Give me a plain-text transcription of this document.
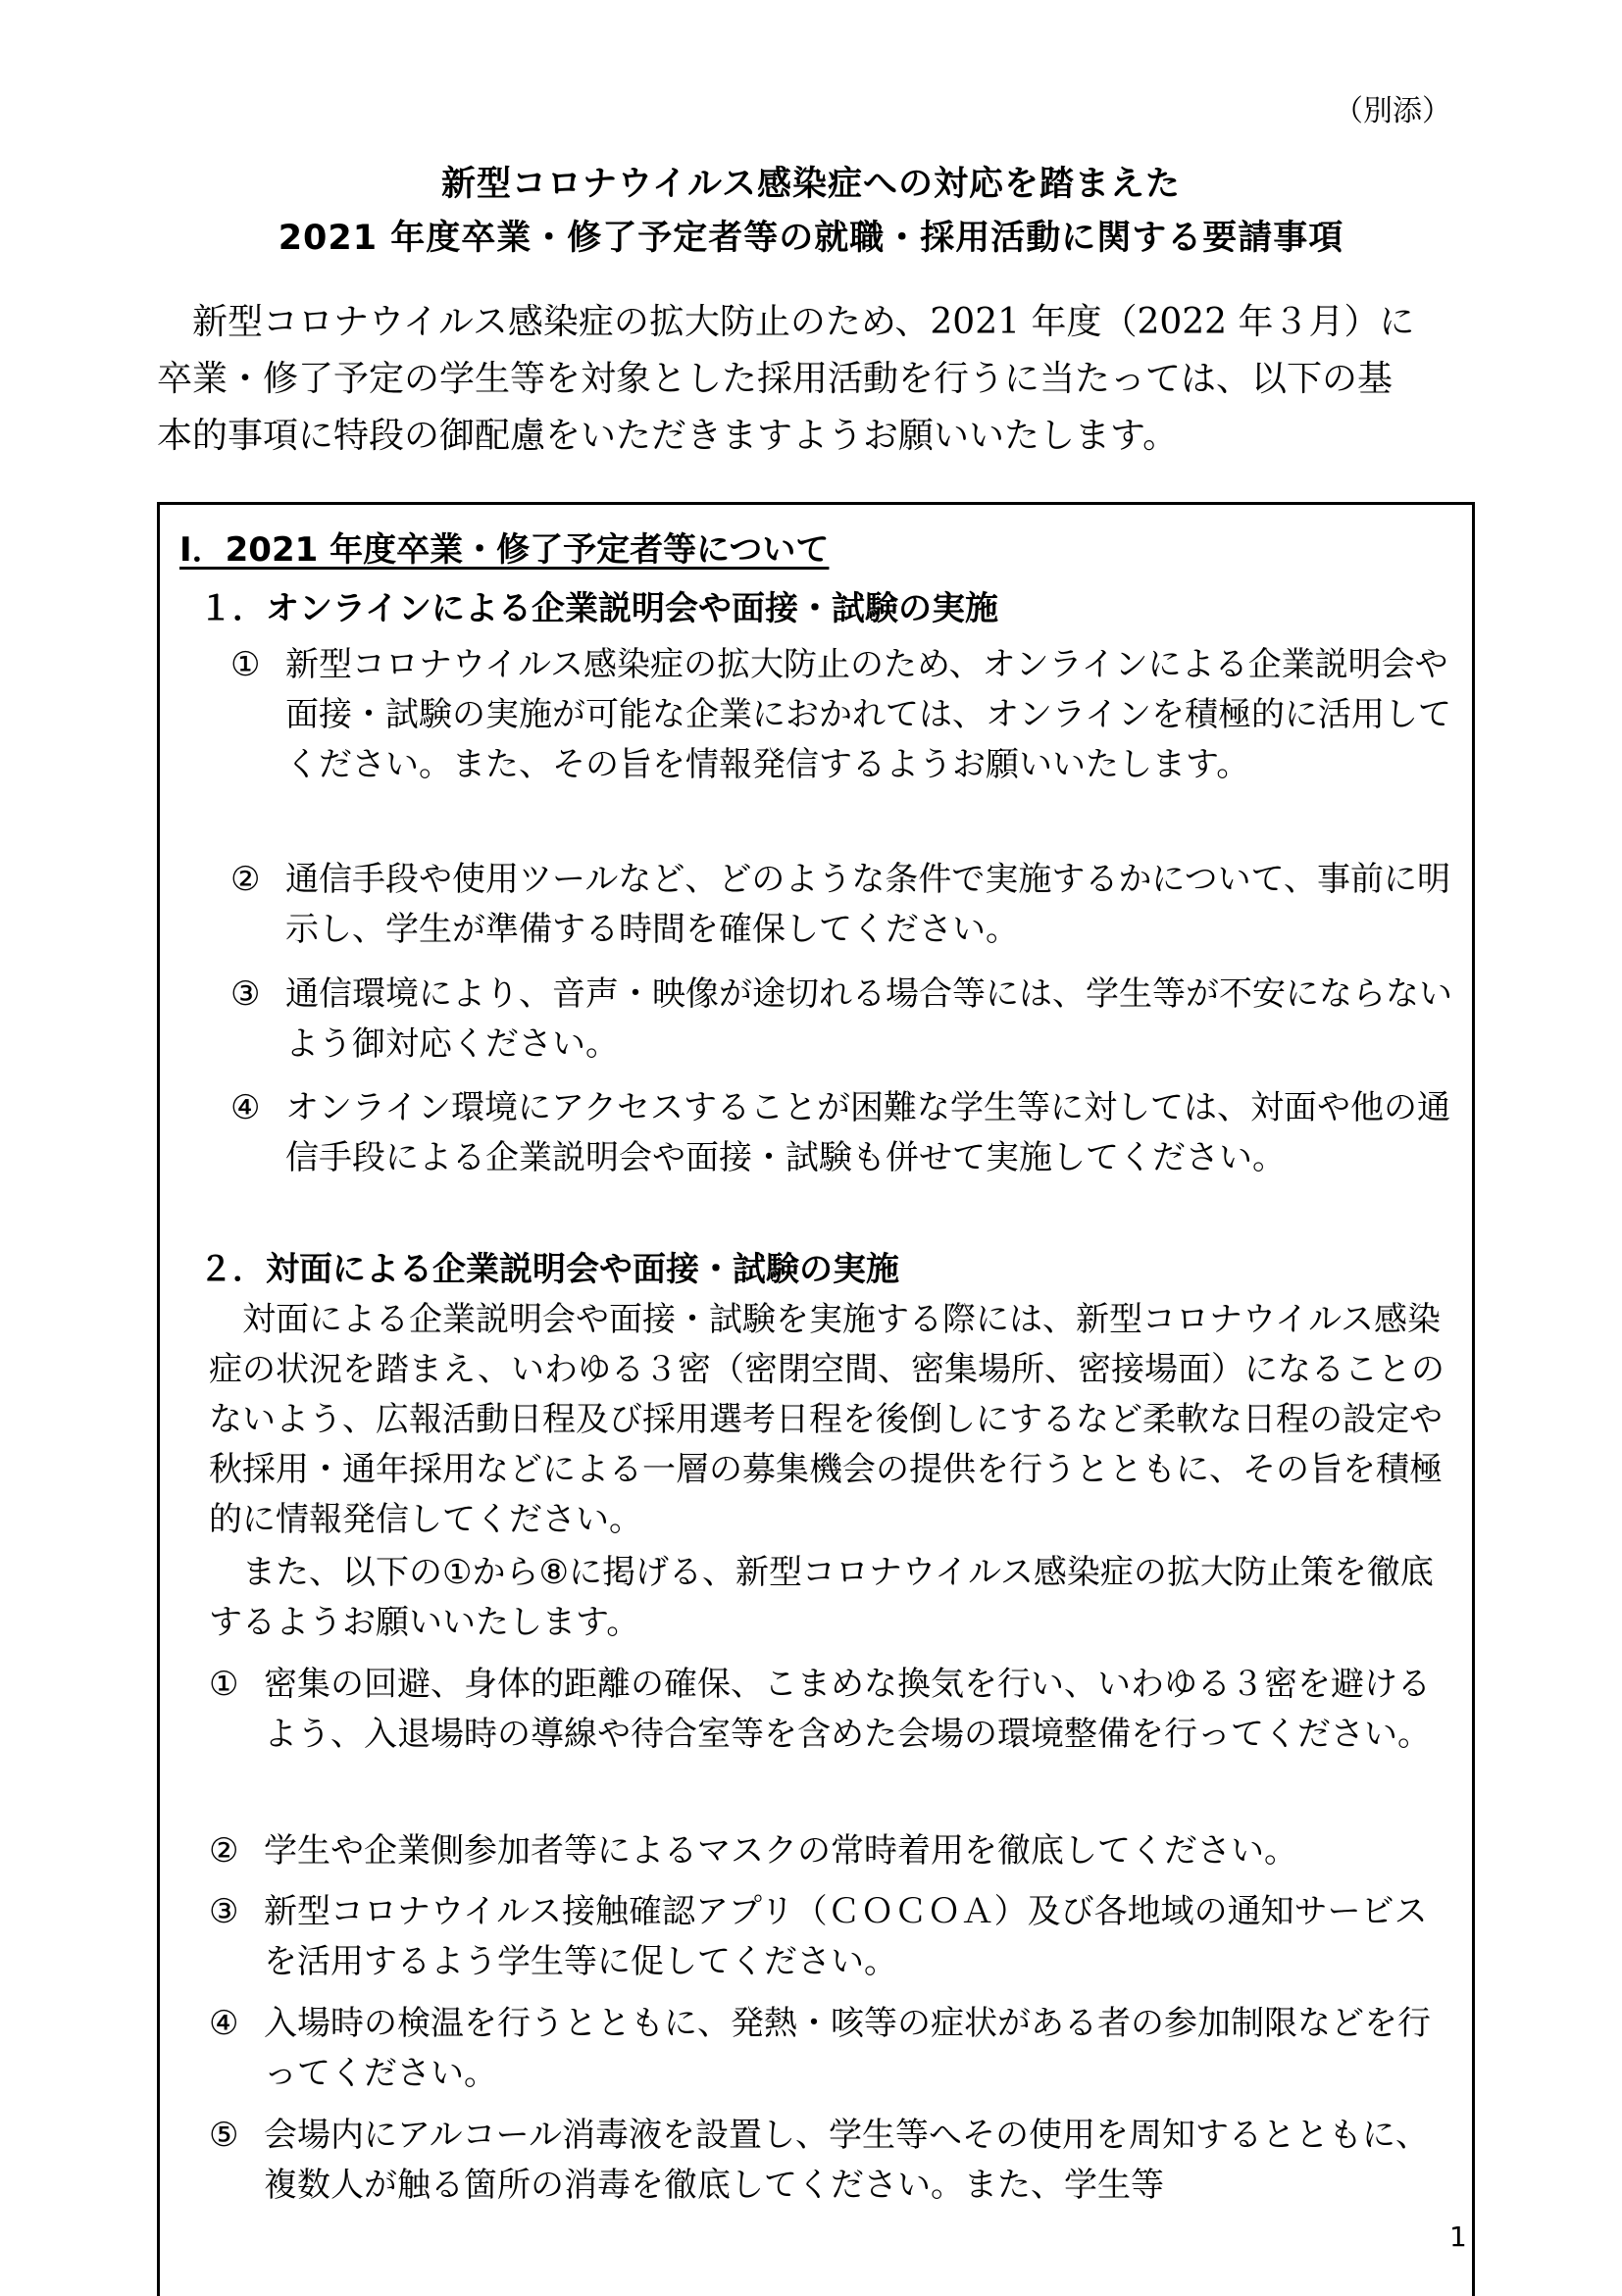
（別添）
新型コロナウイルス感染症への対応を踏まえた
2021 年度卒業・修了予定者等の就職・採用活動に関する要請事項

　新型コロナウイルス感染症の拡大防止のため、2021 年度（2022 年３月）に

卒業・修了予定の学生等を対象とした採用活動を行うに当たっては、以下の基

本的事項に特段の御配慮をいただきますようお願いいたします。

Ⅰ．2021 年度卒業・修了予定者等について
１．オンラインによる企業説明会や面接・試験の実施
① 新型コロナウイルス感染症の拡大防止のため、オンラインによる企業説明会や面接・試験の実施が可能な企業におかれては、オンラインを積極的に活用してください。また、その旨を情報発信するようお願いいたします。
② 通信手段や使用ツールなど、どのような条件で実施するかについて、事前に明示し、学生が準備する時間を確保してください。
③ 通信環境により、音声・映像が途切れる場合等には、学生等が不安にならないよう御対応ください。
④ オンライン環境にアクセスすることが困難な学生等に対しては、対面や他の通信手段による企業説明会や面接・試験も併せて実施してください。
２．対面による企業説明会や面接・試験の実施
　対面による企業説明会や面接・試験を実施する際には、新型コロナウイルス感染症の状況を踏まえ、いわゆる３密（密閉空間、密集場所、密接場面）になることのないよう、広報活動日程及び採用選考日程を後倒しにするなど柔軟な日程の設定や秋採用・通年採用などによる一層の募集機会の提供を行うとともに、その旨を積極的に情報発信してください。
　また、以下の①から⑧に掲げる、新型コロナウイルス感染症の拡大防止策を徹底するようお願いいたします。
① 密集の回避、身体的距離の確保、こまめな換気を行い、いわゆる３密を避けるよう、入退場時の導線や待合室等を含めた会場の環境整備を行ってください。
② 学生や企業側参加者等によるマスクの常時着用を徹底してください。
③ 新型コロナウイルス接触確認アプリ（ＣＯＣＯＡ）及び各地域の通知サービスを活用するよう学生等に促してください。
④ 入場時の検温を行うとともに、発熱・咳等の症状がある者の参加制限などを行ってください。
⑤ 会場内にアルコール消毒液を設置し、学生等へその使用を周知するとともに、複数人が触る箇所の消毒を徹底してください。また、学生等
1
